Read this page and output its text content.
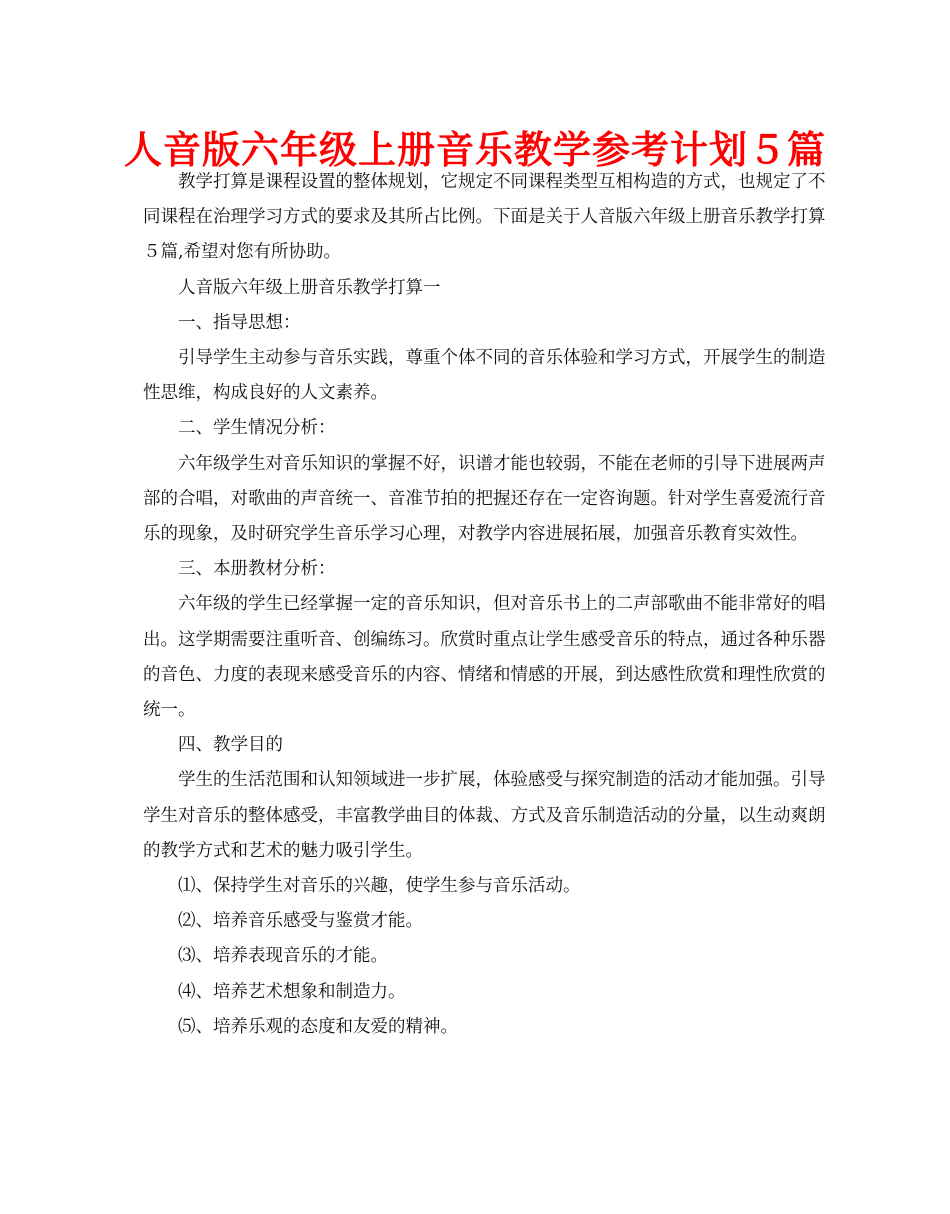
人音版六年级上册音乐教学参考计划５篇

教学打算是课程设置的整体规划，它规定不同课程类型互相构造的方式，也规定了不同课程在治理学习方式的要求及其所占比例。下面是关于人音版六年级上册音乐教学打算５篇,希望对您有所协助。

人音版六年级上册音乐教学打算一

一、指导思想：

引导学生主动参与音乐实践，尊重个体不同的音乐体验和学习方式，开展学生的制造性思维，构成良好的人文素养。

二、学生情况分析：

六年级学生对音乐知识的掌握不好，识谱才能也较弱，不能在老师的引导下进展两声部的合唱，对歌曲的声音统一、音准节拍的把握还存在一定咨询题。针对学生喜爱流行音乐的现象，及时研究学生音乐学习心理，对教学内容进展拓展，加强音乐教育实效性。

三、本册教材分析：

六年级的学生已经掌握一定的音乐知识，但对音乐书上的二声部歌曲不能非常好的唱出。这学期需要注重听音、创编练习。欣赏时重点让学生感受音乐的特点，通过各种乐器的音色、力度的表现来感受音乐的内容、情绪和情感的开展，到达感性欣赏和理性欣赏的统一。

四、教学目的

学生的生活范围和认知领域进一步扩展，体验感受与探究制造的活动才能加强。引导学生对音乐的整体感受，丰富教学曲目的体裁、方式及音乐制造活动的分量，以生动爽朗的教学方式和艺术的魅力吸引学生。

⑴、保持学生对音乐的兴趣，使学生参与音乐活动。

⑵、培养音乐感受与鉴赏才能。

⑶、培养表现音乐的才能。

⑷、培养艺术想象和制造力。

⑸、培养乐观的态度和友爱的精神。
